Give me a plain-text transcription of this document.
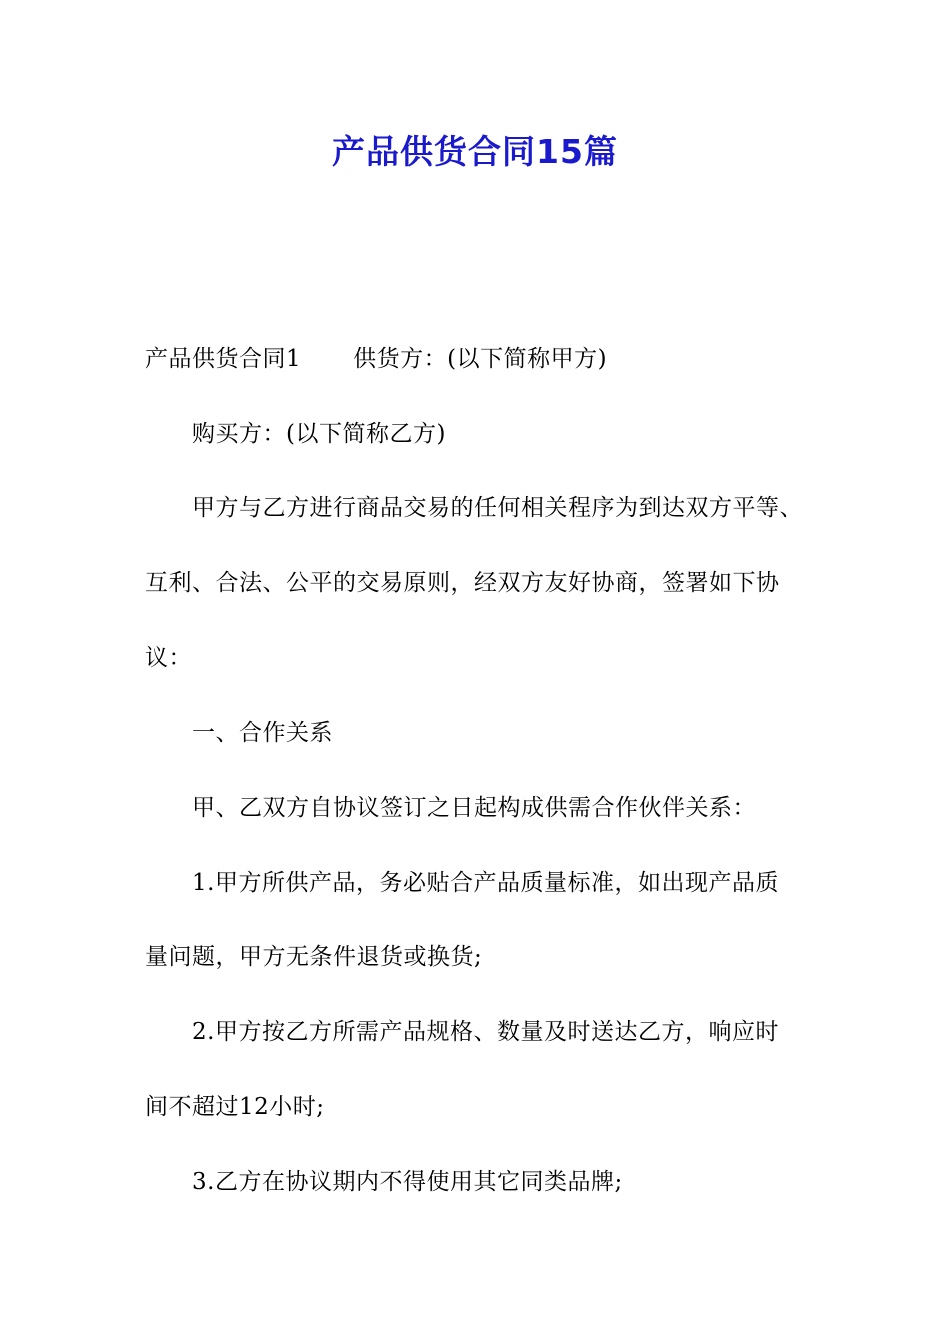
产品供货合同15篇
产品供货合同1 供货方：(以下简称甲方)
购买方：(以下简称乙方)
甲方与乙方进行商品交易的任何相关程序为到达双方平等、
互利、合法、公平的交易原则，经双方友好协商，签署如下协
议：
一、合作关系
甲、乙双方自协议签订之日起构成供需合作伙伴关系：
1.甲方所供产品，务必贴合产品质量标准，如出现产品质
量问题，甲方无条件退货或换货;
2.甲方按乙方所需产品规格、数量及时送达乙方，响应时
间不超过12小时;
3.乙方在协议期内不得使用其它同类品牌;
